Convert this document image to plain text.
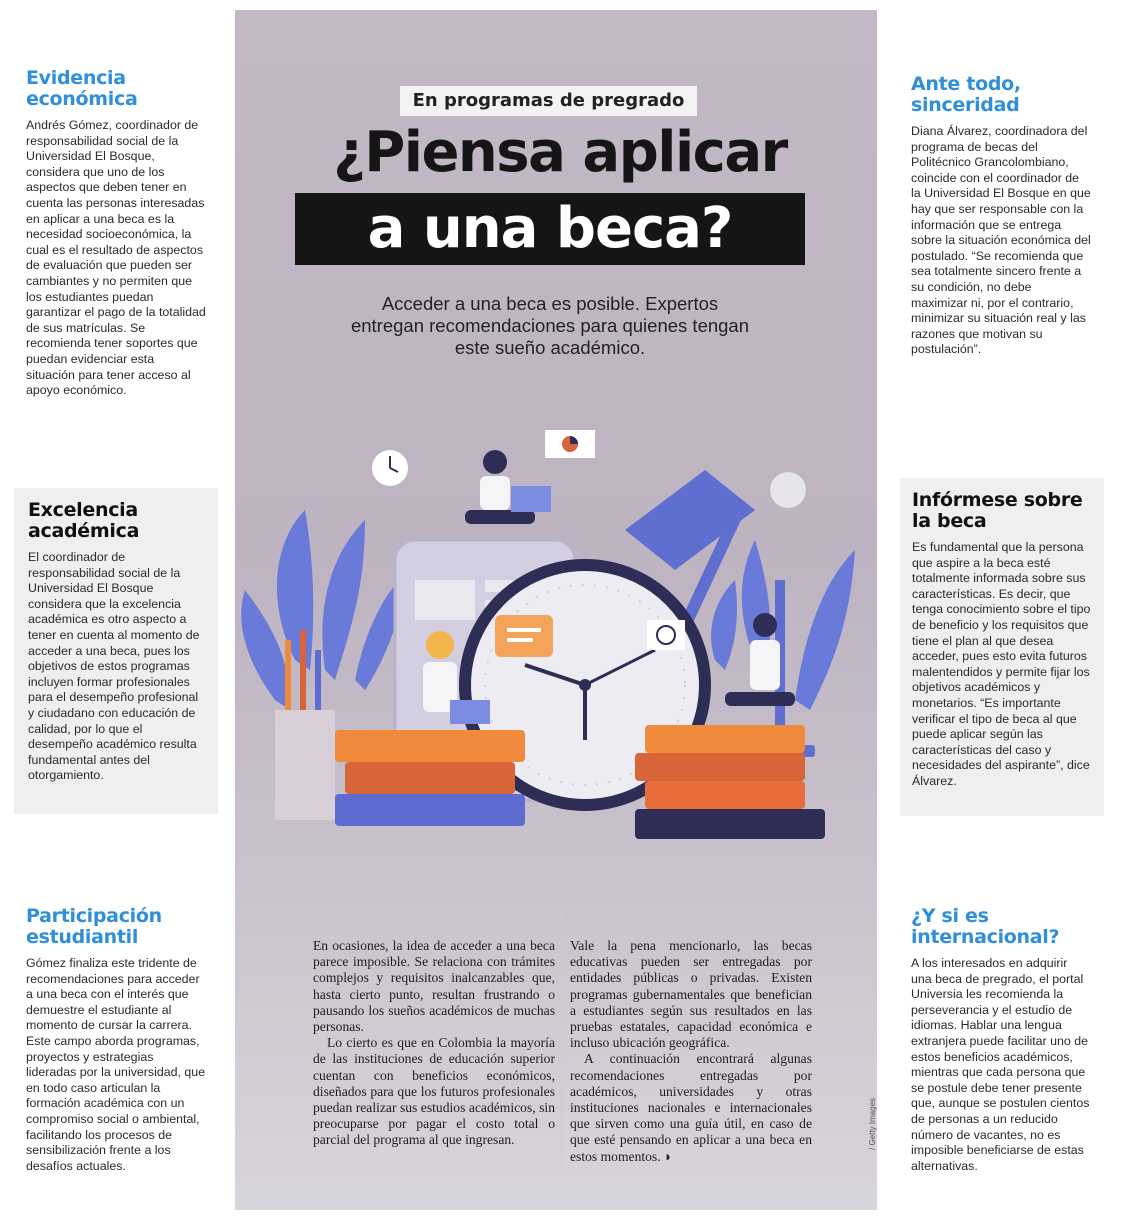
En programas de pregrado
¿Piensa aplicar
a una beca?
Acceder a una beca es posible. Expertos entregan recomendaciones para quienes tengan este sueño académico.
Evidencia económica

Andrés Gómez, coordinador de responsabilidad social de la Universidad El Bosque, considera que uno de los aspectos que deben tener en cuenta las personas interesadas en aplicar a una beca es la necesidad socioeconómica, la cual es el resultado de aspectos de evaluación que pueden ser cambiantes y no permiten que los estudiantes puedan garantizar el pago de la totalidad de sus matrículas. Se recomienda tener soportes que puedan evidenciar esta situación para tener acceso al apoyo económico.

Excelencia académica

El coordinador de responsabilidad social de la Universidad El Bosque considera que la excelencia académica es otro aspecto a tener en cuenta al momento de acceder a una beca, pues los objetivos de estos programas incluyen formar profesionales para el desempeño profesional y ciudadano con educación de calidad, por lo que el desempeño académico resulta fundamental antes del otorgamiento.

Participación estudiantil

Gómez finaliza este tridente de recomendaciones para acceder a una beca con el interés que demuestre el estudiante al momento de cursar la carrera. Este campo aborda programas, proyectos y estrategias lideradas por la universidad, que en todo caso articulan la formación académica con un compromiso social o ambiental, facilitando los procesos de sensibilización frente a los desafíos actuales.

Ante todo, sinceridad

Diana Álvarez, coordinadora del programa de becas del Politécnico Grancolombiano, coincide con el coordinador de la Universidad El Bosque en que hay que ser responsable con la información que se entrega sobre la situación económica del postulado. “Se recomienda que sea totalmente sincero frente a su condición, no debe maximizar ni, por el contrario, minimizar su situación real y las razones que motivan su postulación”.

Infórmese sobre la beca

Es fundamental que la persona que aspire a la beca esté totalmente informada sobre sus características. Es decir, que tenga conocimiento sobre el tipo de beneficio y los requisitos que tiene el plan al que desea acceder, pues esto evita futuros malentendidos y permite fijar los objetivos académicos y monetarios. “Es importante verificar el tipo de beca al que puede aplicar según las características del caso y necesidades del aspirante”, dice Álvarez.

¿Y si es internacional?

A los interesados en adquirir una beca de pregrado, el portal Universia les recomienda la perseverancia y el estudio de idiomas. Hablar una lengua extranjera puede facilitar uno de estos beneficios académicos, mientras que cada persona que se postule debe tener presente que, aunque se postulen cientos de personas a un reducido número de vacantes, no es imposible beneficiarse de estas alternativas.

En ocasiones, la idea de acceder a una beca parece imposible. Se relaciona con trámites complejos y requisitos inalcanzables que, hasta cierto punto, resultan frustrando o pausando los sueños académicos de muchas personas.

Lo cierto es que en Colombia la mayoría de las instituciones de educación superior cuentan con beneficios económicos, diseñados para que los futuros profesionales puedan realizar sus estudios académicos, sin preocuparse por pagar el costo total o parcial del programa al que ingresan.

Vale la pena mencionarlo, las becas educativas pueden ser entregadas por entidades públicas o privadas. Existen programas gubernamentales que benefician a estudiantes según sus resultados en las pruebas estatales, capacidad económica e incluso ubicación geográfica.

A continuación encontrará algunas recomendaciones entregadas por académicos, universidades y otras instituciones nacionales e internacionales que sirven como una guía útil, en caso de que esté pensando en aplicar a una beca en estos momentos. ◗

/ Getty Images
